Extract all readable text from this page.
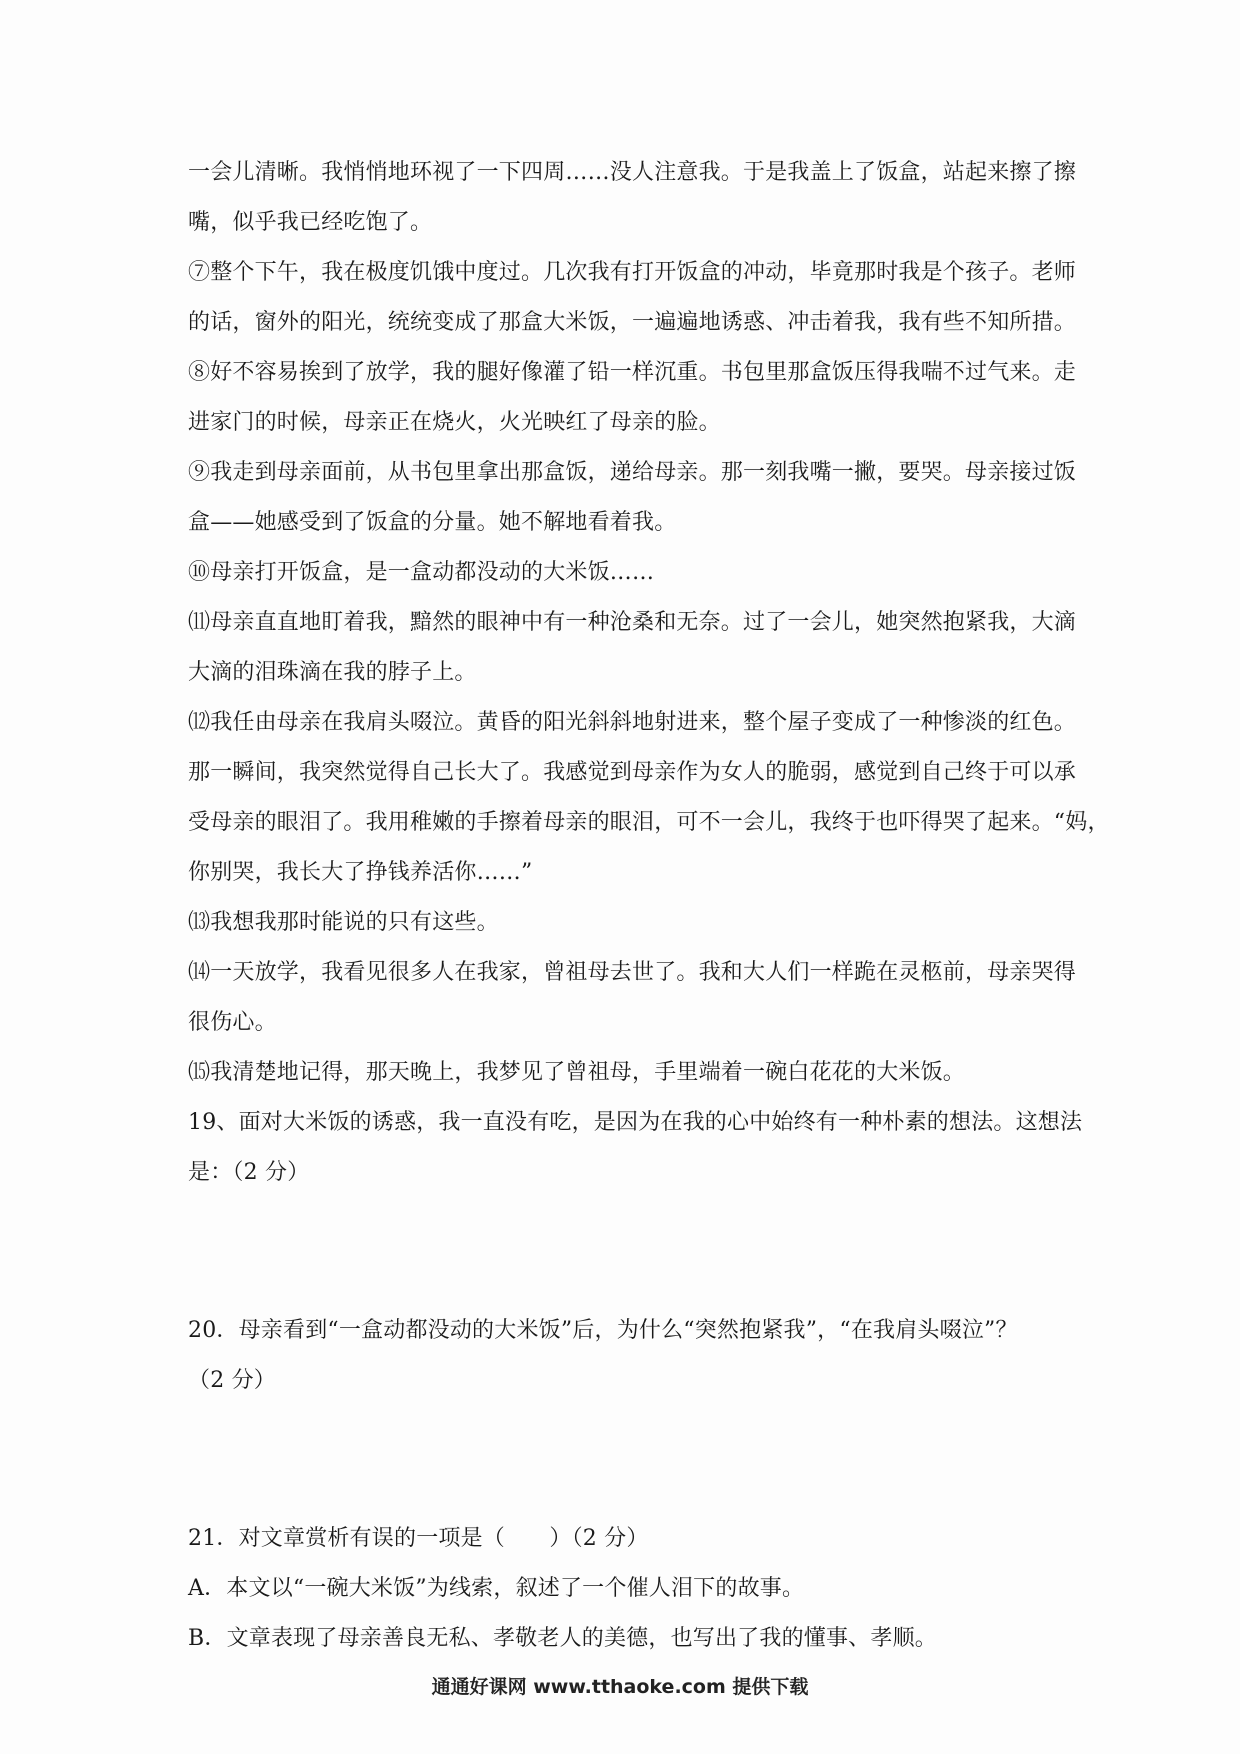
一会儿清晰。我悄悄地环视了一下四周……没人注意我。于是我盖上了饭盒，站起来擦了擦
嘴，似乎我已经吃饱了。
⑦整个下午，我在极度饥饿中度过。几次我有打开饭盒的冲动，毕竟那时我是个孩子。老师
的话，窗外的阳光，统统变成了那盒大米饭，一遍遍地诱惑、冲击着我，我有些不知所措。
⑧好不容易挨到了放学，我的腿好像灌了铅一样沉重。书包里那盒饭压得我喘不过气来。走
进家门的时候，母亲正在烧火，火光映红了母亲的脸。
⑨我走到母亲面前，从书包里拿出那盒饭，递给母亲。那一刻我嘴一撇，要哭。母亲接过饭
盒——她感受到了饭盒的分量。她不解地看着我。
⑩母亲打开饭盒，是一盒动都没动的大米饭……
⑾母亲直直地盯着我，黯然的眼神中有一种沧桑和无奈。过了一会儿，她突然抱紧我，大滴
大滴的泪珠滴在我的脖子上。
⑿我任由母亲在我肩头啜泣。黄昏的阳光斜斜地射进来，整个屋子变成了一种惨淡的红色。
那一瞬间，我突然觉得自己长大了。我感觉到母亲作为女人的脆弱，感觉到自己终于可以承
受母亲的眼泪了。我用稚嫩的手擦着母亲的眼泪，可不一会儿，我终于也吓得哭了起来。“妈，
你别哭，我长大了挣钱养活你……”
⒀我想我那时能说的只有这些。
⒁一天放学，我看见很多人在我家，曾祖母去世了。我和大人们一样跪在灵柩前，母亲哭得
很伤心。
⒂我清楚地记得，那天晚上，我梦见了曾祖母，手里端着一碗白花花的大米饭。
19、面对大米饭的诱惑，我一直没有吃，是因为在我的心中始终有一种朴素的想法。这想法
是：（2 分）
20．母亲看到“一盒动都没动的大米饭”后，为什么“突然抱紧我”，“在我肩头啜泣”？
（2 分）
21．对文章赏析有误的一项是（　　）（2 分）
A．本文以“一碗大米饭”为线索，叙述了一个催人泪下的故事。
B．文章表现了母亲善良无私、孝敬老人的美德，也写出了我的懂事、孝顺。
通通好课网 www.tthaoke.com 提供下载
